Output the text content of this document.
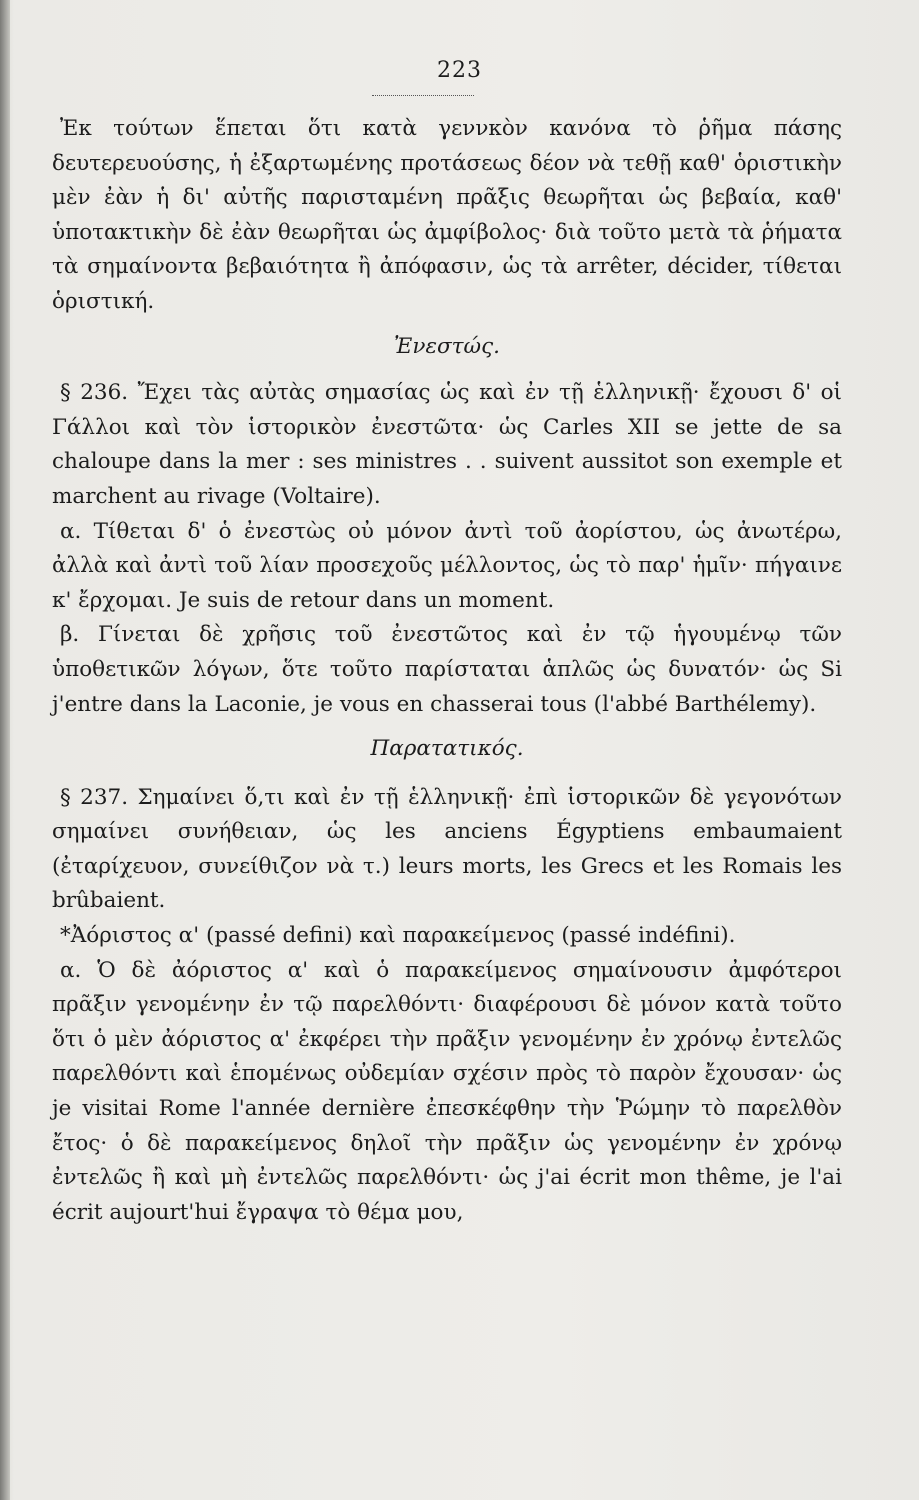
223

Ἐκ τούτων ἕπεται ὅτι κατὰ γεννκὸν κανόνα τὸ ῥῆμα πάσης δευτερευούσης, ἡ ἐξαρτωμένης προτάσεως δέον νὰ τεθῇ καθ' ὁριστικὴν μὲν ἐὰν ἡ δι' αὐτῆς παρισταμένη πρᾶξις θεωρῆται ὡς βεβαία, καθ' ὑποτακτικὴν δὲ ἐὰν θεωρῆται ὡς ἀμφίβολος· διὰ τοῦτο μετὰ τὰ ῥήματα τὰ σημαίνοντα βεβαιότητα ἢ ἀπόφασιν, ὡς τὰ arrêter, décider, τίθεται ὁριστική.

Ἐνεστώς.

§ 236. Ἔχει τὰς αὐτὰς σημασίας ὡς καὶ ἐν τῇ ἑλληνικῇ· ἔχουσι δ' οἱ Γάλλοι καὶ τὸν ἱστορικὸν ἐνεστῶτα· ὡς Carles XII se jette de sa chaloupe dans la mer : ses ministres . . suivent aussitot son exemple et marchent au rivage (Voltaire).

α. Τίθεται δ' ὁ ἐνεστὼς οὐ μόνον ἀντὶ τοῦ ἀορίστου, ὡς ἀνωτέρω, ἀλλὰ καὶ ἀντὶ τοῦ λίαν προσεχοῦς μέλλοντος, ὡς τὸ παρ' ἡμῖν· πήγαινε κ' ἔρχομαι. Je suis de retour dans un moment.

β. Γίνεται δὲ χρῆσις τοῦ ἐνεστῶτος καὶ ἐν τῷ ἡγουμένῳ τῶν ὑποθετικῶν λόγων, ὅτε τοῦτο παρίσταται ἁπλῶς ὡς δυνατόν· ὡς Si j'entre dans la Laconie, je vous en chasserai tous (l'abbé Barthélemy).

Παρατατικός.

§ 237. Σημαίνει ὅ,τι καὶ ἐν τῇ ἑλληνικῇ· ἐπὶ ἱστορικῶν δὲ γεγονότων σημαίνει συνήθειαν, ὡς les anciens Égyptiens embaumaient (ἐταρίχευον, συνείθιζον νὰ τ.) leurs morts, les Grecs et les Romais les brûbaient.

*Ἀόριστος α' (passé defini) καὶ παρακείμενος (passé indéfini).

α. Ὁ δὲ ἀόριστος α' καὶ ὁ παρακείμενος σημαίνουσιν ἀμφότεροι πρᾶξιν γενομένην ἐν τῷ παρελθόντι· διαφέρουσι δὲ μόνον κατὰ τοῦτο ὅτι ὁ μὲν ἀόριστος α' ἐκφέρει τὴν πρᾶξιν γενομένην ἐν χρόνῳ ἐντελῶς παρελθόντι καὶ ἑπομένως οὐδεμίαν σχέσιν πρὸς τὸ παρὸν ἔχουσαν· ὡς je visitai Rome l'année dernière ἐπεσκέφθην τὴν Ῥώμην τὸ παρελθὸν ἔτος· ὁ δὲ παρακείμενος δηλοῖ τὴν πρᾶξιν ὡς γενομένην ἐν χρόνῳ ἐντελῶς ἢ καὶ μὴ ἐντελῶς παρελθόντι· ὡς j'ai écrit mon thême, je l'ai écrit aujourt'hui ἔγραψα τὸ θέμα μου,
